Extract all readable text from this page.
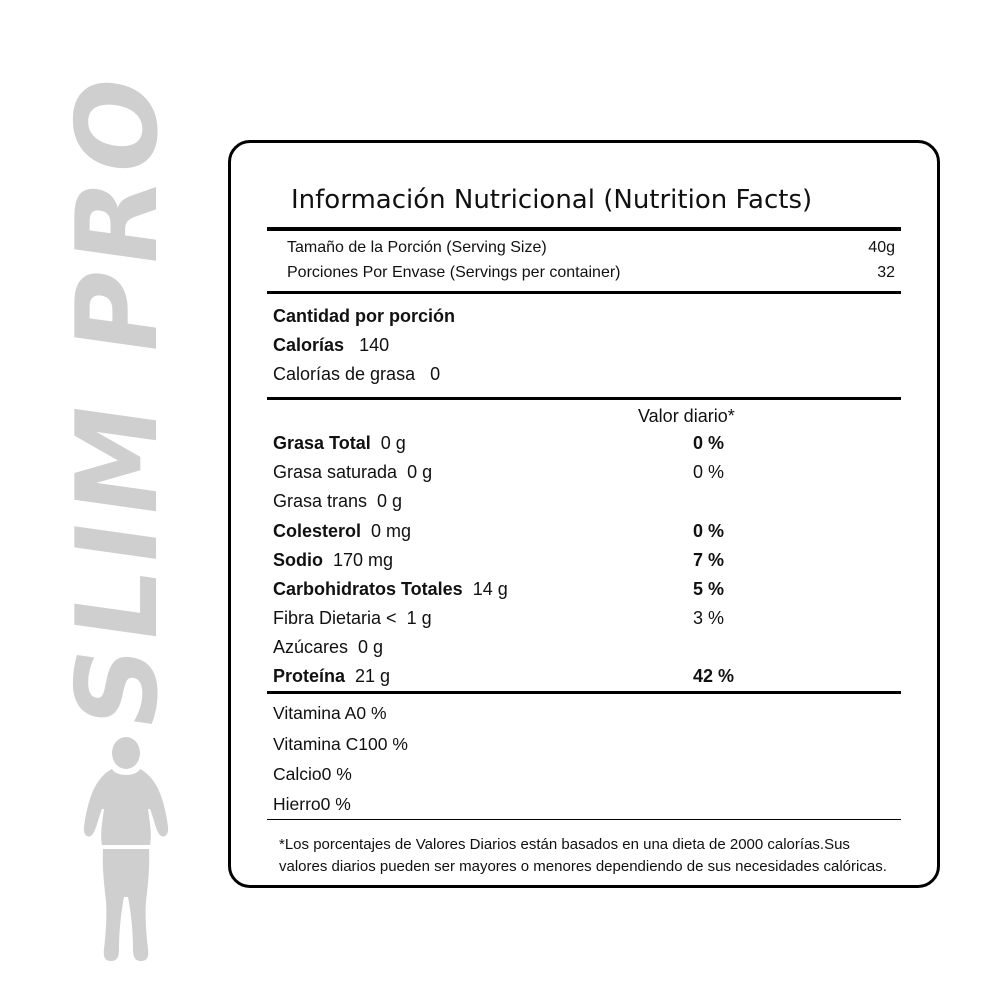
SLIM PRO	Información Nutricional (Nutrition Facts)
Tamaño de la Porción (Serving Size)	40g
Porciones Por Envase (Servings per container)	32
Cantidad por porción
Calorías 140
Calorías de grasa 0
Valor diario*
Grasa Total 0 g	0 %
Grasa saturada 0 g	0 %
Grasa trans 0 g
Colesterol 0 mg	0 %
Sodio 170 mg	7 %
Carbohidratos Totales 14 g	5 %
Fibra Dietaria < 1 g	3 %
Azúcares 0 g
Proteína 21 g	42 %
Vitamina A0 %
Vitamina C100 %
Calcio0 %
Hierro0 %
*Los porcentajes de Valores Diarios están basados en una dieta de 2000 calorías.Sus valores diarios pueden ser mayores o menores dependiendo de sus necesidades calóricas.
